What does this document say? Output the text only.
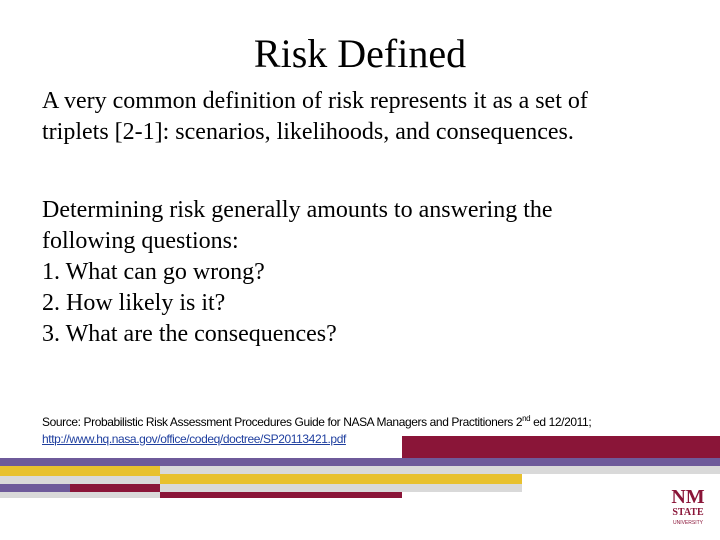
Risk Defined
A very common definition of risk represents it as a set of
triplets [2-1]: scenarios, likelihoods, and consequences.
Determining risk generally amounts to answering the
following questions:
1. What can go wrong?
2. How likely is it?
3. What are the consequences?
Source: Probabilistic Risk Assessment Procedures Guide for NASA Managers and Practitioners 2nd ed 12/2011;
http://www.hq.nasa.gov/office/codeq/doctree/SP20113421.pdf
NM
STATE
UNIVERSITY
